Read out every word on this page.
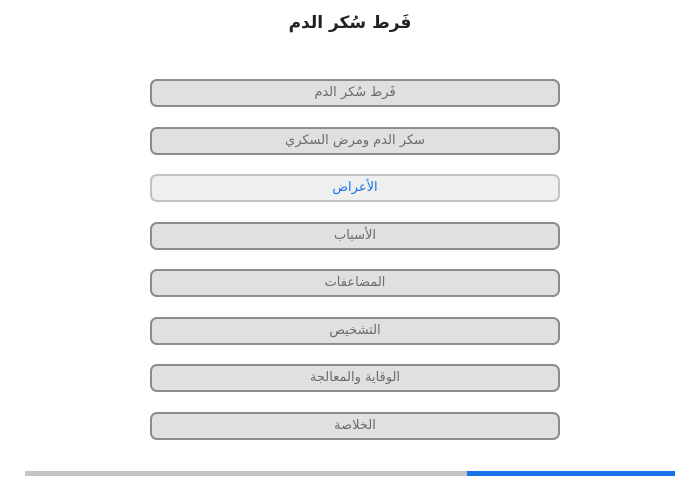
فَرط سُكر الدم
فَرط سُكر الدم
سكر الدم ومرض السكري
الأعراض
الأسباب
المضاعفات
التشخيص
الوقاية والمعالجة
الخلاصة
